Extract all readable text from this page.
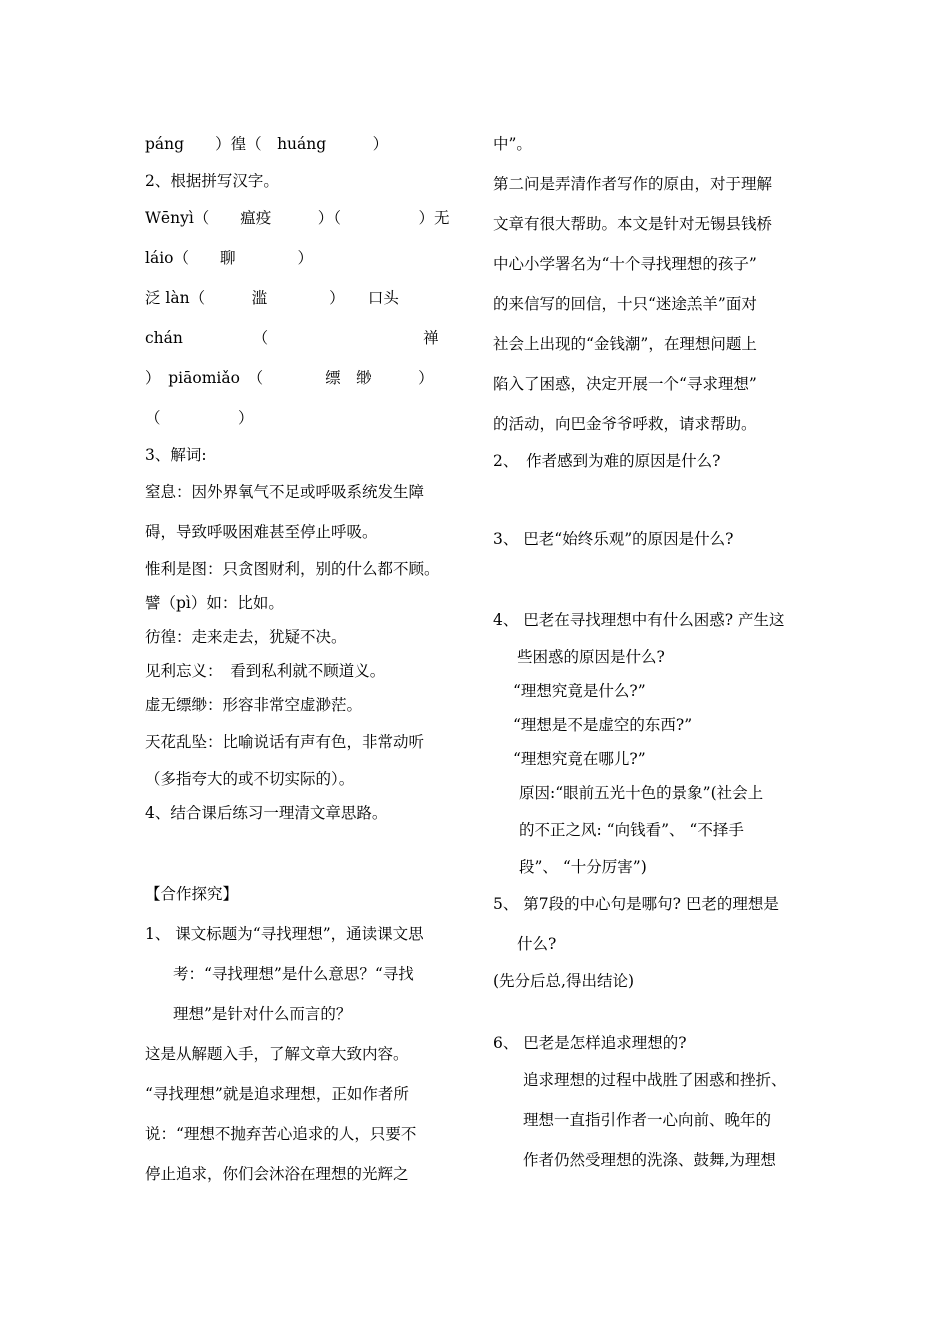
páng　　）徨（　huáng　　　）
2、根据拼写汉字。
Wēnyì（　　瘟疫　　　）（　　　　　）无
láio（　　聊　　　　）
泛 làn（　　　滥　　　　）　　口头
chán　　　　　（　　　　　　　　　　禅
）　piāomiǎo　（　　　　缥　缈　　　）
（　　　　　）
3、解词:
窒息：因外界氧气不足或呼吸系统发生障
碍，导致呼吸困难甚至停止呼吸。
惟利是图：只贪图财利，别的什么都不顾。
譬（pì）如：比如。
彷徨：走来走去，犹疑不决。
见利忘义：　看到私利就不顾道义。
虚无缥缈：形容非常空虚渺茫。
天花乱坠：比喻说话有声有色，非常动听
（多指夸大的或不切实际的）。
4、结合课后练习一理清文章思路。
【合作探究】
1、 课文标题为“寻找理想”，通读课文思
考：“寻找理想”是什么意思？“寻找
理想”是针对什么而言的？
这是从解题入手，了解文章大致内容。
“寻找理想”就是追求理想，正如作者所
说：“理想不抛弃苦心追求的人，只要不
停止追求，你们会沐浴在理想的光辉之
中”。
第二问是弄清作者写作的原由，对于理解
文章有很大帮助。本文是针对无锡县钱桥
中心小学署名为“十个寻找理想的孩子”
的来信写的回信，十只“迷途羔羊”面对
社会上出现的“金钱潮”，在理想问题上
陷入了困惑，决定开展一个“寻求理想”
的活动，向巴金爷爷呼救，请求帮助。
2、　作者感到为难的原因是什么?
3、 巴老“始终乐观”的原因是什么?
4、 巴老在寻找理想中有什么困惑? 产生这
些困惑的原因是什么?
“理想究竟是什么?”
“理想是不是虚空的东西?”
“理想究竟在哪儿?”
原因:“眼前五光十色的景象”(社会上
的不正之风: “向钱看”、 “不择手
段”、 “十分厉害”)
5、 第7段的中心句是哪句? 巴老的理想是
什么?
(先分后总,得出结论)
6、 巴老是怎样追求理想的?
追求理想的过程中战胜了困惑和挫折、
理想一直指引作者一心向前、晚年的
作者仍然受理想的洗涤、鼓舞,为理想
